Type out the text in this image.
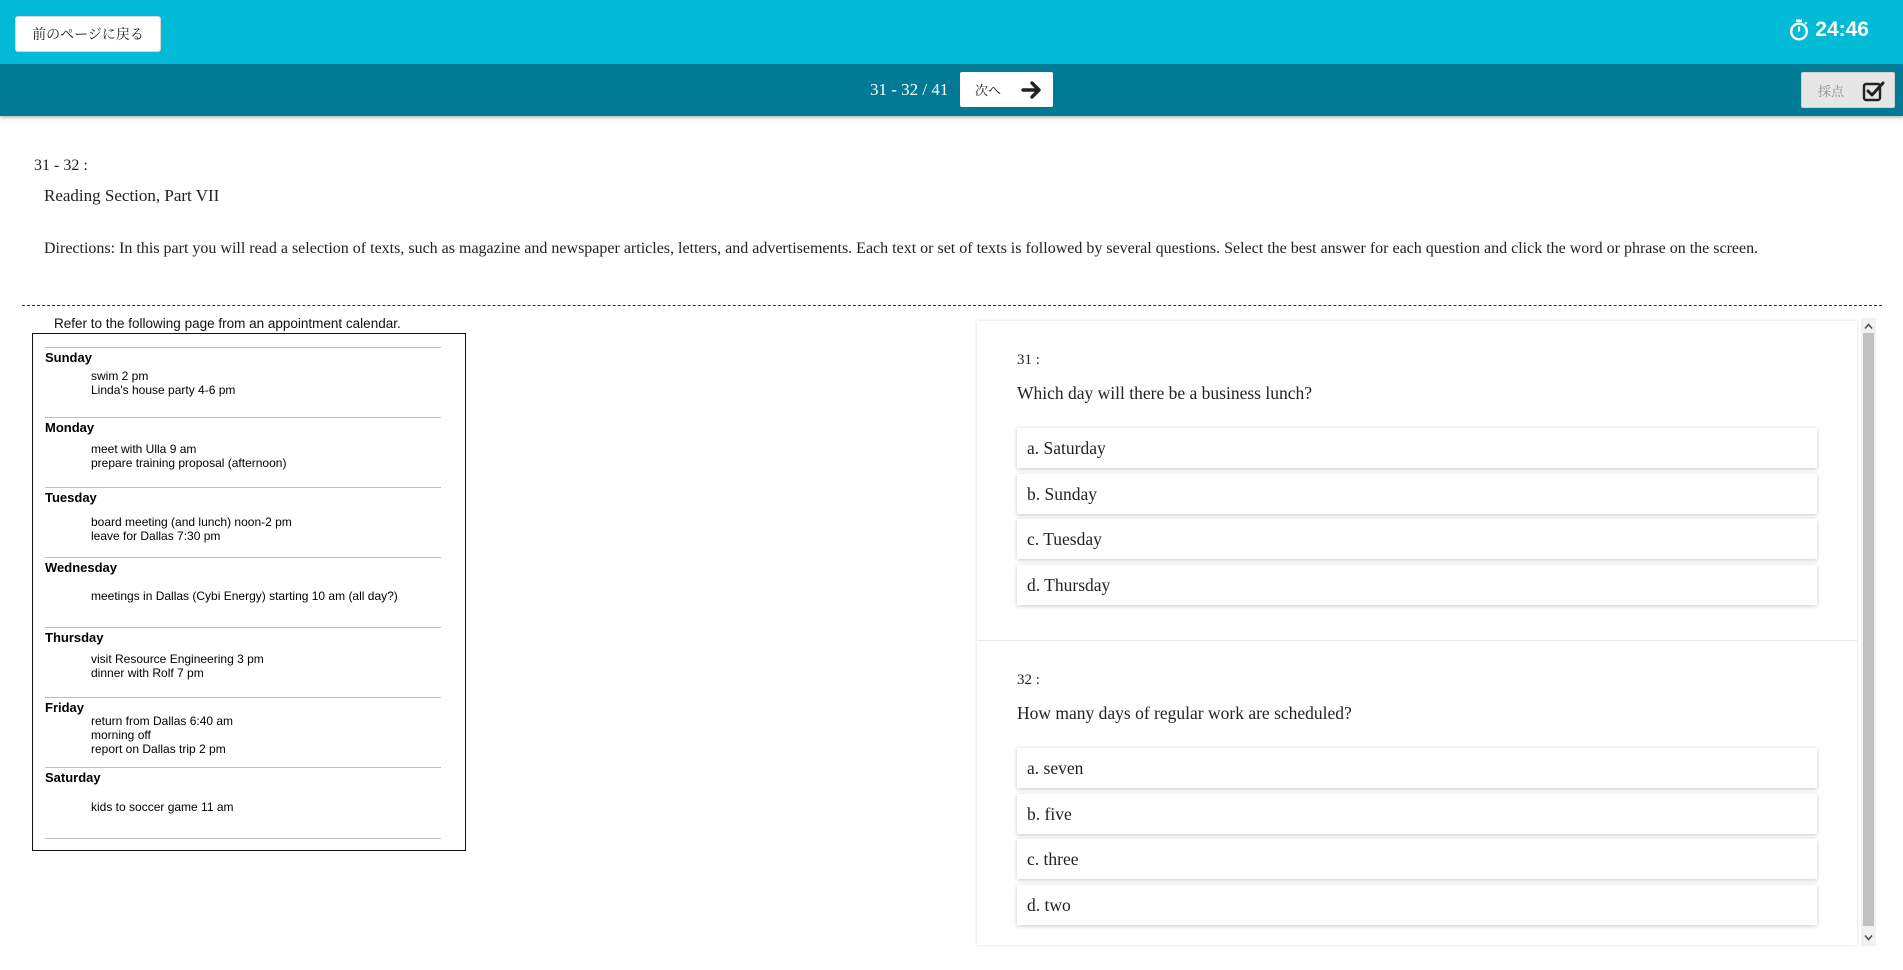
前のページに戻る	24:46
31 - 32 / 41 次へ	採点
31 - 32 :
Reading Section, Part VII
Directions: In this part you will read a selection of texts, such as magazine and newspaper articles, letters, and advertisements. Each text or set of texts is followed by several questions. Select the best answer for each question and click the word or phrase on the screen.
Refer to the following page from an appointment calendar.
Sunday
swim 2 pm
Linda's house party 4-6 pm
Monday
meet with Ulla 9 am
prepare training proposal (afternoon)
Tuesday
board meeting (and lunch) noon-2 pm
leave for Dallas 7:30 pm
Wednesday
meetings in Dallas (Cybi Energy) starting 10 am (all day?)
Thursday
visit Resource Engineering 3 pm
dinner with Rolf 7 pm
Friday
return from Dallas 6:40 am
morning off
report on Dallas trip 2 pm
Saturday
kids to soccer game 11 am
31 :
Which day will there be a business lunch?
a. Saturday
b. Sunday
c. Tuesday
d. Thursday
32 :
How many days of regular work are scheduled?
a. seven
b. five
c. three
d. two
